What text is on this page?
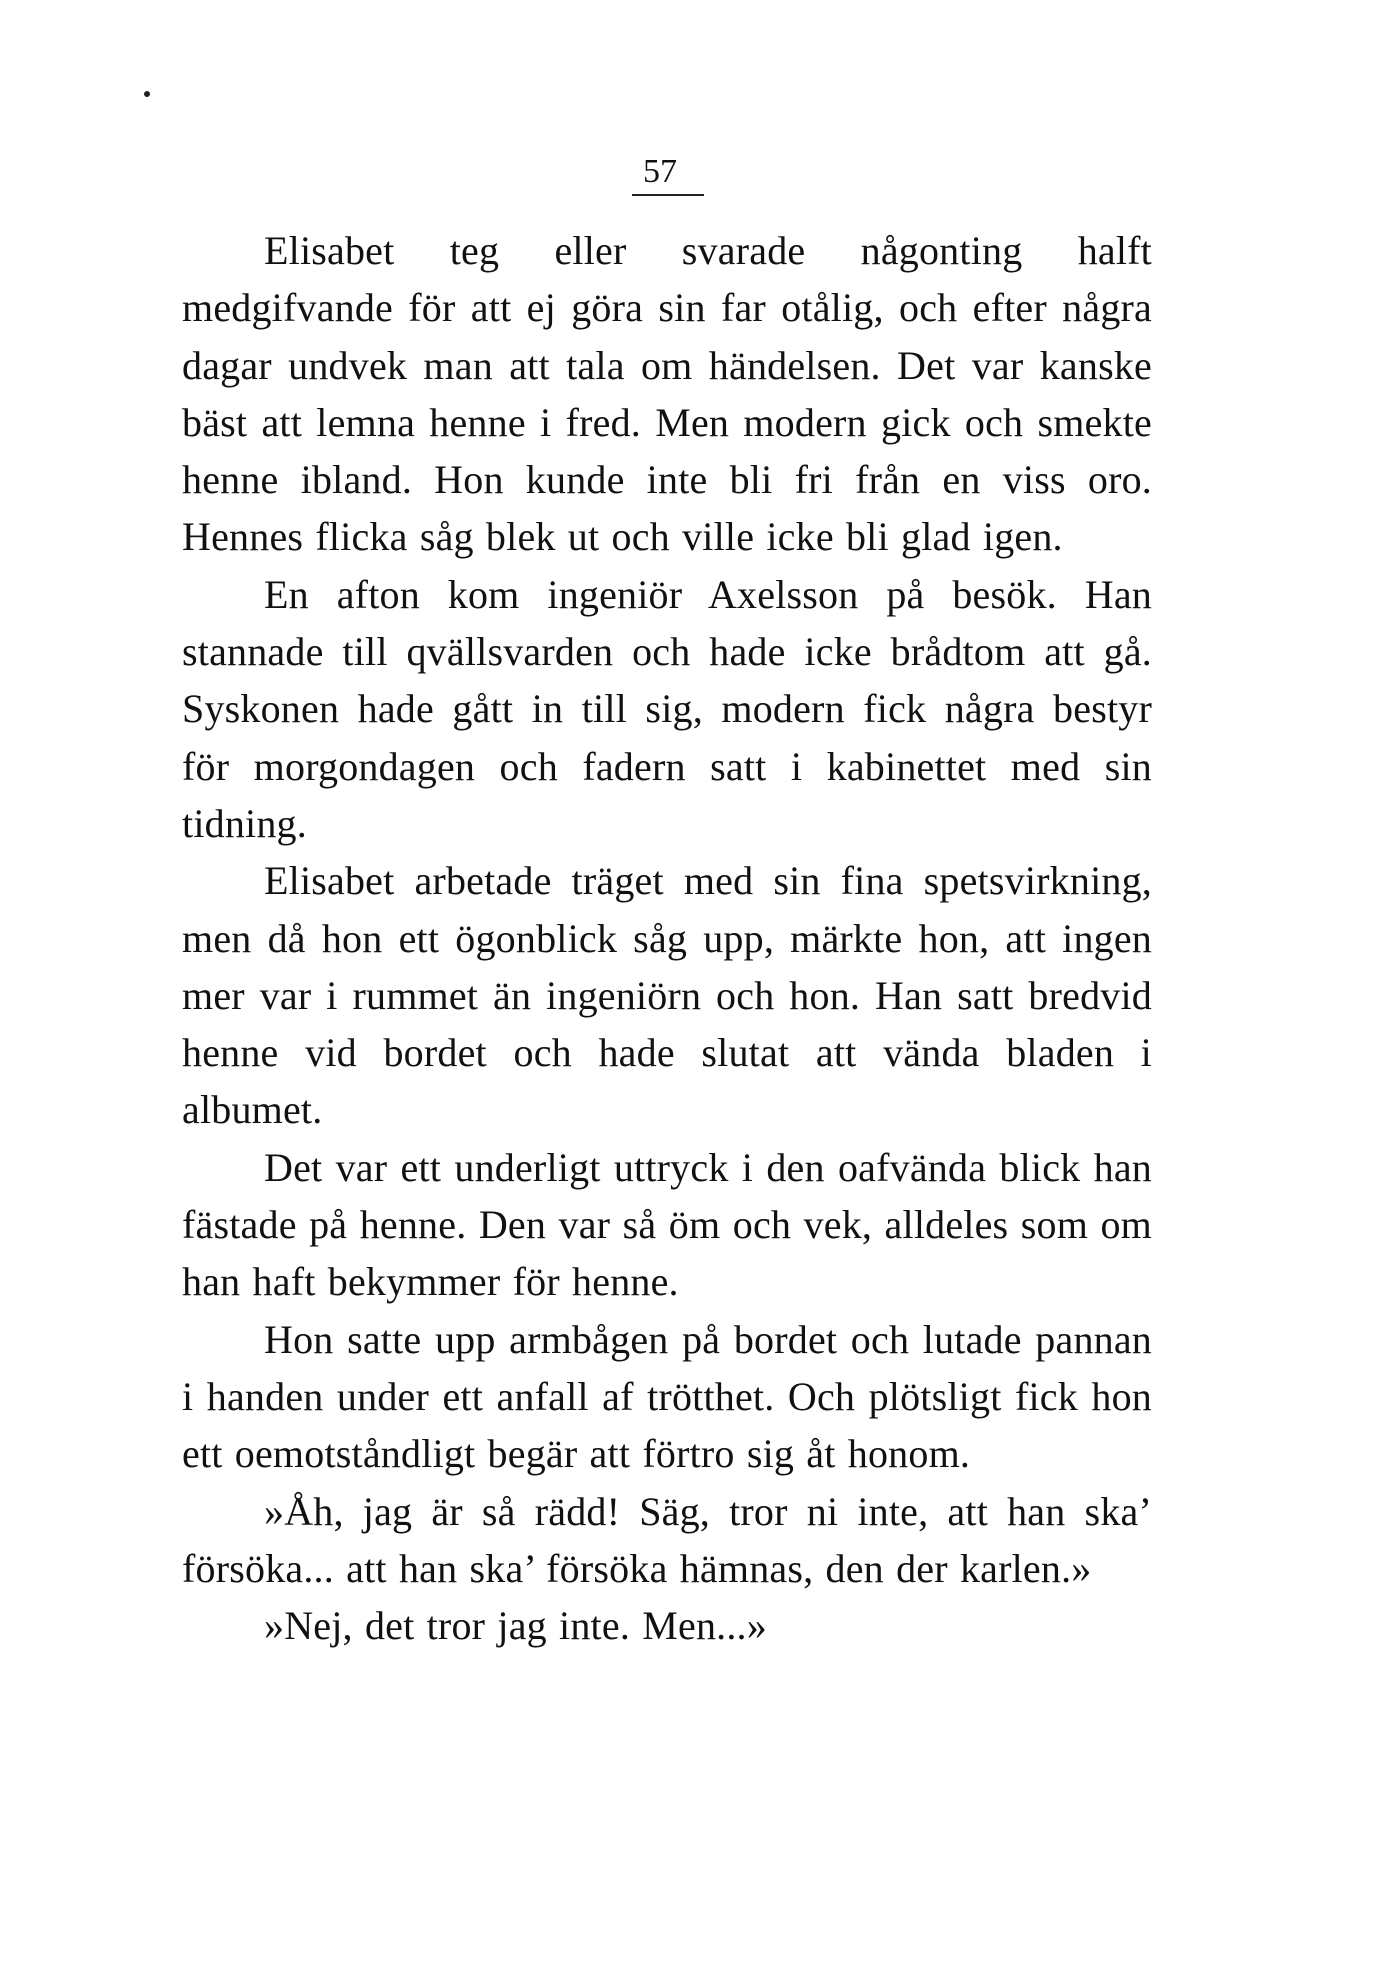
57

Elisabet teg eller svarade någonting halft medgifvande för att ej göra sin far otålig, och efter några dagar undvek man att tala om händelsen. Det var kanske bäst att lemna henne i fred. Men modern gick och smekte henne ibland. Hon kunde inte bli fri från en viss oro. Hennes flicka såg blek ut och ville icke bli glad igen.

En afton kom ingeniör Axelsson på besök. Han stannade till qvällsvarden och hade icke brådtom att gå. Syskonen hade gått in till sig, modern fick några bestyr för morgondagen och fadern satt i kabinettet med sin tidning.

Elisabet arbetade träget med sin fina spetsvirkning, men då hon ett ögonblick såg upp, märkte hon, att ingen mer var i rummet än ingeniörn och hon. Han satt bredvid henne vid bordet och hade slutat att vända bladen i albumet.

Det var ett underligt uttryck i den oafvända blick han fästade på henne. Den var så öm och vek, alldeles som om han haft bekymmer för henne.

Hon satte upp armbågen på bordet och lutade pannan i handen under ett anfall af trötthet. Och plötsligt fick hon ett oemotståndligt begär att förtro sig åt honom.

»Åh, jag är så rädd! Säg, tror ni inte, att han ska’ försöka... att han ska’ försöka hämnas, den der karlen.»

»Nej, det tror jag inte. Men...»
